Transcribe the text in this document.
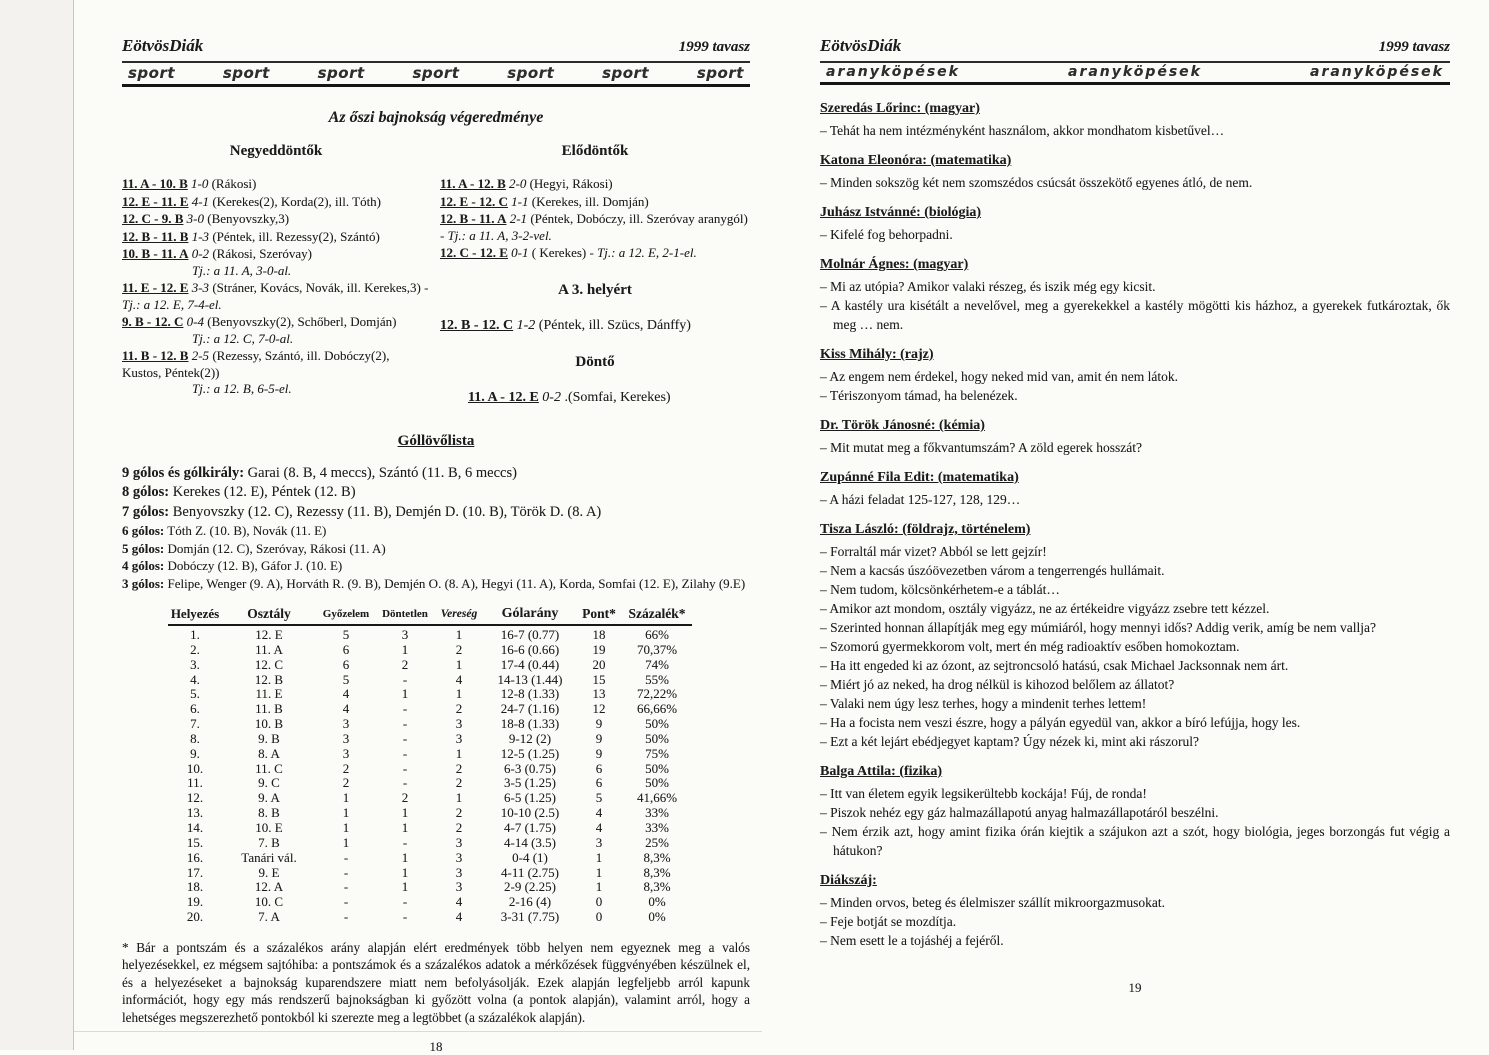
EötvösDiák	1999 tavasz
sport	sport	sport	sport	sport	sport	sport
Az őszi bajnokság végeredménye
Negyeddöntők
11. A - 10. B 1-0 (Rákosi)
12. E - 11. E 4-1 (Kerekes(2), Korda(2), ill. Tóth)
12. C - 9. B 3-0 (Benyovszky,3)
12. B - 11. B 1-3 (Péntek, ill. Rezessy(2), Szántó)
10. B - 11. A 0-2 (Rákosi, Szeróvay)
Tj.: a 11. A, 3-0-al.
11. E - 12. E 3-3 (Stráner, Kovács, Novák, ill. Kerekes,3) - Tj.: a 12. E, 7-4-el.
9. B - 12. C 0-4 (Benyovszky(2), Schőberl, Domján)
Tj.: a 12. C, 7-0-al.
11. B - 12. B 2-5 (Rezessy, Szántó, ill. Dobóczy(2), Kustos, Péntek(2))
Tj.: a 12. B, 6-5-el.
Elődöntők
11. A - 12. B 2-0 (Hegyi, Rákosi)
12. E - 12. C 1-1 (Kerekes, ill. Domján)
12. B - 11. A 2-1 (Péntek, Dobóczy, ill. Szeróvay aranygól) - Tj.: a 11. A, 3-2-vel.
12. C - 12. E 0-1 ( Kerekes) - Tj.: a 12. E, 2-1-el.
A 3. helyért
12. B - 12. C 1-2 (Péntek, ill. Szücs, Dánffy)
Döntő
11. A - 12. E 0-2 .(Somfai, Kerekes)
Góllövőlista
9 gólos és gólkirály: Garai (8. B, 4 meccs), Szántó (11. B, 6 meccs)
8 gólos: Kerekes (12. E), Péntek (12. B)
7 gólos: Benyovszky (12. C), Rezessy (11. B), Demjén D. (10. B), Török D. (8. A)
6 gólos: Tóth Z. (10. B), Novák (11. E)
5 gólos: Domján (12. C), Szeróvay, Rákosi (11. A)
4 gólos: Dobóczy (12. B), Gáfor J. (10. E)
3 gólos: Felipe, Wenger (9. A), Horváth R. (9. B), Demjén O. (8. A), Hegyi (11. A), Korda, Somfai (12. E), Zilahy (9.E)
Helyezés	Osztály	Győzelem	Döntetlen	Vereség	Gólarány	Pont*	Százalék*
1.	12. E	5	3	1	16-7 (0.77)	18	66%
2.	11. A	6	1	2	16-6 (0.66)	19	70,37%
3.	12. C	6	2	1	17-4 (0.44)	20	74%
4.	12. B	5	-	4	14-13 (1.44)	15	55%
5.	11. E	4	1	1	12-8 (1.33)	13	72,22%
6.	11. B	4	-	2	24-7 (1.16)	12	66,66%
7.	10. B	3	-	3	18-8 (1.33)	9	50%
8.	9. B	3	-	3	9-12 (2)	9	50%
9.	8. A	3	-	1	12-5 (1.25)	9	75%
10.	11. C	2	-	2	6-3 (0.75)	6	50%
11.	9. C	2	-	2	3-5 (1.25)	6	50%
12.	9. A	1	2	1	6-5 (1.25)	5	41,66%
13.	8. B	1	1	2	10-10 (2.5)	4	33%
14.	10. E	1	1	2	4-7 (1.75)	4	33%
15.	7. B	1	-	3	4-14 (3.5)	3	25%
16.	Tanári vál.	-	1	3	0-4 (1)	1	8,3%
17.	9. E	-	1	3	4-11 (2.75)	1	8,3%
18.	12. A	-	1	3	2-9 (2.25)	1	8,3%
19.	10. C	-	-	4	2-16 (4)	0	0%
20.	7. A	-	-	4	3-31 (7.75)	0	0%

* Bár a pontszám és a százalékos arány alapján elért eredmények több helyen nem egyeznek meg a valós helyezésekkel, ez mégsem sajtóhiba: a pontszámok és a százalékos adatok a mérkőzések függvényében készülnek el, és a helyezéseket a bajnokság kuparendszere miatt nem befolyásolják. Ezek alapján legfeljebb arról kapunk információt, hogy egy más rendszerű bajnokságban ki győzött volna (a pontok alapján), valamint arról, hogy a lehetséges megszerezhető pontokból ki szerezte meg a legtöbbet (a százalékok alapján).

18
EötvösDiák	1999 tavasz
aranyköpések	aranyköpések	aranyköpések
Szeredás Lőrinc: (magyar)

– Tehát ha nem intézményként használom, akkor mondhatom kisbetűvel…

Katona Eleonóra: (matematika)

– Minden sokszög két nem szomszédos csúcsát összekötő egyenes átló, de nem.

Juhász Istvánné: (biológia)

– Kifelé fog behorpadni.

Molnár Ágnes: (magyar)

– Mi az utópia? Amikor valaki részeg, és iszik még egy kicsit.

– A kastély ura kisétált a nevelővel, meg a gyerekekkel a kastély mögötti kis házhoz, a gyerekek futkároztak, ők meg … nem.

Kiss Mihály: (rajz)

– Az engem nem érdekel, hogy neked mid van, amit én nem látok.

– Tériszonyom támad, ha belenézek.

Dr. Török Jánosné: (kémia)

– Mit mutat meg a főkvantumszám? A zöld egerek hosszát?

Zupánné Fila Edit: (matematika)

– A házi feladat 125-127, 128, 129…

Tisza László: (földrajz, történelem)

– Forraltál már vizet? Abból se lett gejzír!

– Nem a kacsás úszóövezetben várom a tengerrengés hullámait.

– Nem tudom, kölcsönkérhetem-e a táblát…

– Amikor azt mondom, osztály vigyázz, ne az értékeidre vigyázz zsebre tett kézzel.

– Szerinted honnan állapítják meg egy múmiáról, hogy mennyi idős? Addig verik, amíg be nem vallja?

– Szomorú gyermekkorom volt, mert én még radioaktív esőben homokoztam.

– Ha itt engeded ki az ózont, az sejtroncsoló hatású, csak Michael Jacksonnak nem árt.

– Miért jó az neked, ha drog nélkül is kihozod belőlem az állatot?

– Valaki nem úgy lesz terhes, hogy a mindenit terhes lettem!

– Ha a focista nem veszi észre, hogy a pályán egyedül van, akkor a bíró lefújja, hogy les.

– Ezt a két lejárt ebédjegyet kaptam? Úgy nézek ki, mint aki rászorul?

Balga Attila: (fizika)

– Itt van életem egyik legsikerültebb kockája! Fúj, de ronda!

– Piszok nehéz egy gáz halmazállapotú anyag halmazállapotáról beszélni.

– Nem érzik azt, hogy amint fizika órán kiejtik a szájukon azt a szót, hogy biológia, jeges borzongás fut végig a hátukon?

Diákszáj:

– Minden orvos, beteg és élelmiszer szállít mikroorgazmusokat.

– Feje botját se mozdítja.

– Nem esett le a tojáshéj a fejéről.

19
